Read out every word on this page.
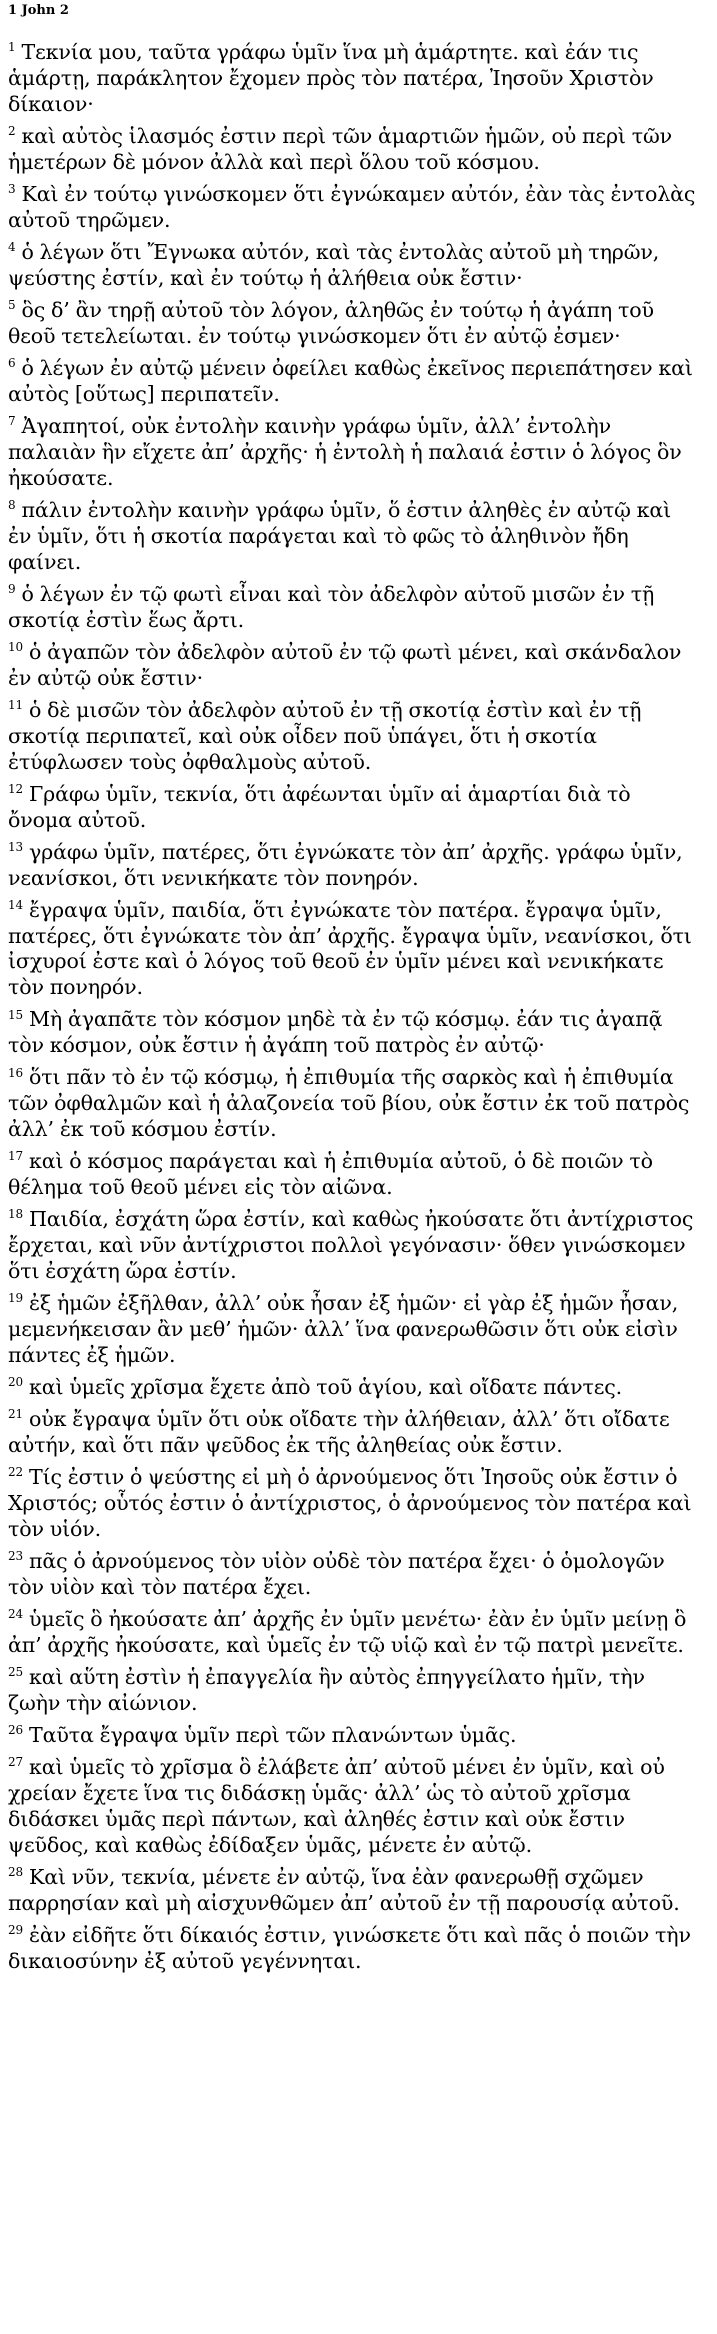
1 John 2

$^1$ Τεκνία μου, ταῦτα γράφω ὑμῖν ἵνα μὴ ἁμάρτητε. καὶ ἐάν τις ἁμάρτῃ, παράκλητον ἔχομεν πρὸς τὸν πατέρα, Ἰησοῦν Χριστὸν δίκαιον·

$^2$ καὶ αὐτὸς ἱλασμός ἐστιν περὶ τῶν ἁμαρτιῶν ἡμῶν, οὐ περὶ τῶν ἡμετέρων δὲ μόνον ἀλλὰ καὶ περὶ ὅλου τοῦ κόσμου.

$^3$ Καὶ ἐν τούτῳ γινώσκομεν ὅτι ἐγνώκαμεν αὐτόν, ἐὰν τὰς ἐντολὰς αὐτοῦ τηρῶμεν.

$^4$ ὁ λέγων ὅτι Ἔγνωκα αὐτόν, καὶ τὰς ἐντολὰς αὐτοῦ μὴ τηρῶν, ψεύστης ἐστίν, καὶ ἐν τούτῳ ἡ ἀλήθεια οὐκ ἔστιν·

$^5$ ὃς δ’ ἂν τηρῇ αὐτοῦ τὸν λόγον, ἀληθῶς ἐν τούτῳ ἡ ἀγάπη τοῦ θεοῦ τετελείωται. ἐν τούτῳ γινώσκομεν ὅτι ἐν αὐτῷ ἐσμεν·

$^6$ ὁ λέγων ἐν αὐτῷ μένειν ὀφείλει καθὼς ἐκεῖνος περιεπάτησεν καὶ αὐτὸς [οὕτως] περιπατεῖν.

$^7$ Ἀγαπητοί, οὐκ ἐντολὴν καινὴν γράφω ὑμῖν, ἀλλ’ ἐντολὴν παλαιὰν ἣν εἴχετε ἀπ’ ἀρχῆς· ἡ ἐντολὴ ἡ παλαιά ἐστιν ὁ λόγος ὃν ἠκούσατε.

$^8$ πάλιν ἐντολὴν καινὴν γράφω ὑμῖν, ὅ ἐστιν ἀληθὲς ἐν αὐτῷ καὶ ἐν ὑμῖν, ὅτι ἡ σκοτία παράγεται καὶ τὸ φῶς τὸ ἀληθινὸν ἤδη φαίνει.

$^9$ ὁ λέγων ἐν τῷ φωτὶ εἶναι καὶ τὸν ἀδελφὸν αὐτοῦ μισῶν ἐν τῇ σκοτίᾳ ἐστὶν ἕως ἄρτι.

$^{10}$ ὁ ἀγαπῶν τὸν ἀδελφὸν αὐτοῦ ἐν τῷ φωτὶ μένει, καὶ σκάνδαλον ἐν αὐτῷ οὐκ ἔστιν·

$^{11}$ ὁ δὲ μισῶν τὸν ἀδελφὸν αὐτοῦ ἐν τῇ σκοτίᾳ ἐστὶν καὶ ἐν τῇ σκοτίᾳ περιπατεῖ, καὶ οὐκ οἶδεν ποῦ ὑπάγει, ὅτι ἡ σκοτία ἐτύφλωσεν τοὺς ὀφθαλμοὺς αὐτοῦ.

$^{12}$ Γράφω ὑμῖν, τεκνία, ὅτι ἀφέωνται ὑμῖν αἱ ἁμαρτίαι διὰ τὸ ὄνομα αὐτοῦ.

$^{13}$ γράφω ὑμῖν, πατέρες, ὅτι ἐγνώκατε τὸν ἀπ’ ἀρχῆς. γράφω ὑμῖν, νεανίσκοι, ὅτι νενικήκατε τὸν πονηρόν.

$^{14}$ ἔγραψα ὑμῖν, παιδία, ὅτι ἐγνώκατε τὸν πατέρα. ἔγραψα ὑμῖν, πατέρες, ὅτι ἐγνώκατε τὸν ἀπ’ ἀρχῆς. ἔγραψα ὑμῖν, νεανίσκοι, ὅτι ἰσχυροί ἐστε καὶ ὁ λόγος τοῦ θεοῦ ἐν ὑμῖν μένει καὶ νενικήκατε τὸν πονηρόν.

$^{15}$ Μὴ ἀγαπᾶτε τὸν κόσμον μηδὲ τὰ ἐν τῷ κόσμῳ. ἐάν τις ἀγαπᾷ τὸν κόσμον, οὐκ ἔστιν ἡ ἀγάπη τοῦ πατρὸς ἐν αὐτῷ·

$^{16}$ ὅτι πᾶν τὸ ἐν τῷ κόσμῳ, ἡ ἐπιθυμία τῆς σαρκὸς καὶ ἡ ἐπιθυμία τῶν ὀφθαλμῶν καὶ ἡ ἀλαζονεία τοῦ βίου, οὐκ ἔστιν ἐκ τοῦ πατρὸς ἀλλ’ ἐκ τοῦ κόσμου ἐστίν.

$^{17}$ καὶ ὁ κόσμος παράγεται καὶ ἡ ἐπιθυμία αὐτοῦ, ὁ δὲ ποιῶν τὸ θέλημα τοῦ θεοῦ μένει εἰς τὸν αἰῶνα.

$^{18}$ Παιδία, ἐσχάτη ὥρα ἐστίν, καὶ καθὼς ἠκούσατε ὅτι ἀντίχριστος ἔρχεται, καὶ νῦν ἀντίχριστοι πολλοὶ γεγόνασιν· ὅθεν γινώσκομεν ὅτι ἐσχάτη ὥρα ἐστίν.

$^{19}$ ἐξ ἡμῶν ἐξῆλθαν, ἀλλ’ οὐκ ἦσαν ἐξ ἡμῶν· εἰ γὰρ ἐξ ἡμῶν ἦσαν, μεμενήκεισαν ἂν μεθ’ ἡμῶν· ἀλλ’ ἵνα φανερωθῶσιν ὅτι οὐκ εἰσὶν πάντες ἐξ ἡμῶν.

$^{20}$ καὶ ὑμεῖς χρῖσμα ἔχετε ἀπὸ τοῦ ἁγίου, καὶ οἴδατε πάντες.

$^{21}$ οὐκ ἔγραψα ὑμῖν ὅτι οὐκ οἴδατε τὴν ἀλήθειαν, ἀλλ’ ὅτι οἴδατε αὐτήν, καὶ ὅτι πᾶν ψεῦδος ἐκ τῆς ἀληθείας οὐκ ἔστιν.

$^{22}$ Τίς ἐστιν ὁ ψεύστης εἰ μὴ ὁ ἀρνούμενος ὅτι Ἰησοῦς οὐκ ἔστιν ὁ Χριστός; οὗτός ἐστιν ὁ ἀντίχριστος, ὁ ἀρνούμενος τὸν πατέρα καὶ τὸν υἱόν.

$^{23}$ πᾶς ὁ ἀρνούμενος τὸν υἱὸν οὐδὲ τὸν πατέρα ἔχει· ὁ ὁμολογῶν τὸν υἱὸν καὶ τὸν πατέρα ἔχει.

$^{24}$ ὑμεῖς ὃ ἠκούσατε ἀπ’ ἀρχῆς ἐν ὑμῖν μενέτω· ἐὰν ἐν ὑμῖν μείνῃ ὃ ἀπ’ ἀρχῆς ἠκούσατε, καὶ ὑμεῖς ἐν τῷ υἱῷ καὶ ἐν τῷ πατρὶ μενεῖτε.

$^{25}$ καὶ αὕτη ἐστὶν ἡ ἐπαγγελία ἣν αὐτὸς ἐπηγγείλατο ἡμῖν, τὴν ζωὴν τὴν αἰώνιον.

$^{26}$ Ταῦτα ἔγραψα ὑμῖν περὶ τῶν πλανώντων ὑμᾶς.

$^{27}$ καὶ ὑμεῖς τὸ χρῖσμα ὃ ἐλάβετε ἀπ’ αὐτοῦ μένει ἐν ὑμῖν, καὶ οὐ χρείαν ἔχετε ἵνα τις διδάσκῃ ὑμᾶς· ἀλλ’ ὡς τὸ αὐτοῦ χρῖσμα διδάσκει ὑμᾶς περὶ πάντων, καὶ ἀληθές ἐστιν καὶ οὐκ ἔστιν ψεῦδος, καὶ καθὼς ἐδίδαξεν ὑμᾶς, μένετε ἐν αὐτῷ.

$^{28}$ Καὶ νῦν, τεκνία, μένετε ἐν αὐτῷ, ἵνα ἐὰν φανερωθῇ σχῶμεν παρρησίαν καὶ μὴ αἰσχυνθῶμεν ἀπ’ αὐτοῦ ἐν τῇ παρουσίᾳ αὐτοῦ.

$^{29}$ ἐὰν εἰδῆτε ὅτι δίκαιός ἐστιν, γινώσκετε ὅτι καὶ πᾶς ὁ ποιῶν τὴν δικαιοσύνην ἐξ αὐτοῦ γεγέννηται.
